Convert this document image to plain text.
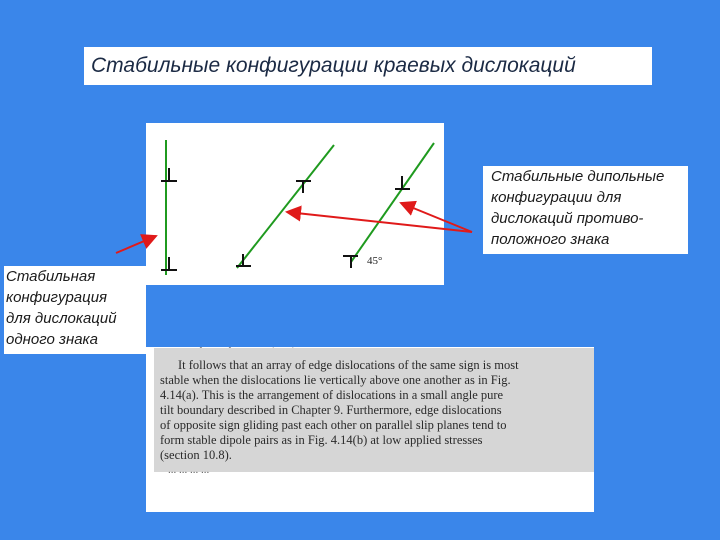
Стабильные конфигурации краевых дислокаций
45°
Стабильные дипольные
конфигурации для
дислокаций противо-
положного знака
Стабильная
конфигурация
для дислокаций
одного знака
It follows that an array of edge dislocations of the same sign is most
stable when the dislocations lie vertically above one another as in Fig.
4.14(a). This is the arrangement of dislocations in a small angle pure
tilt boundary described in Chapter 9. Furthermore, edge dislocations
of opposite sign gliding past each other on parallel slip planes tend to
form stable dipole pairs as in Fig. 4.14(b) at low applied stresses
(section 10.8).
... ... ... ...
